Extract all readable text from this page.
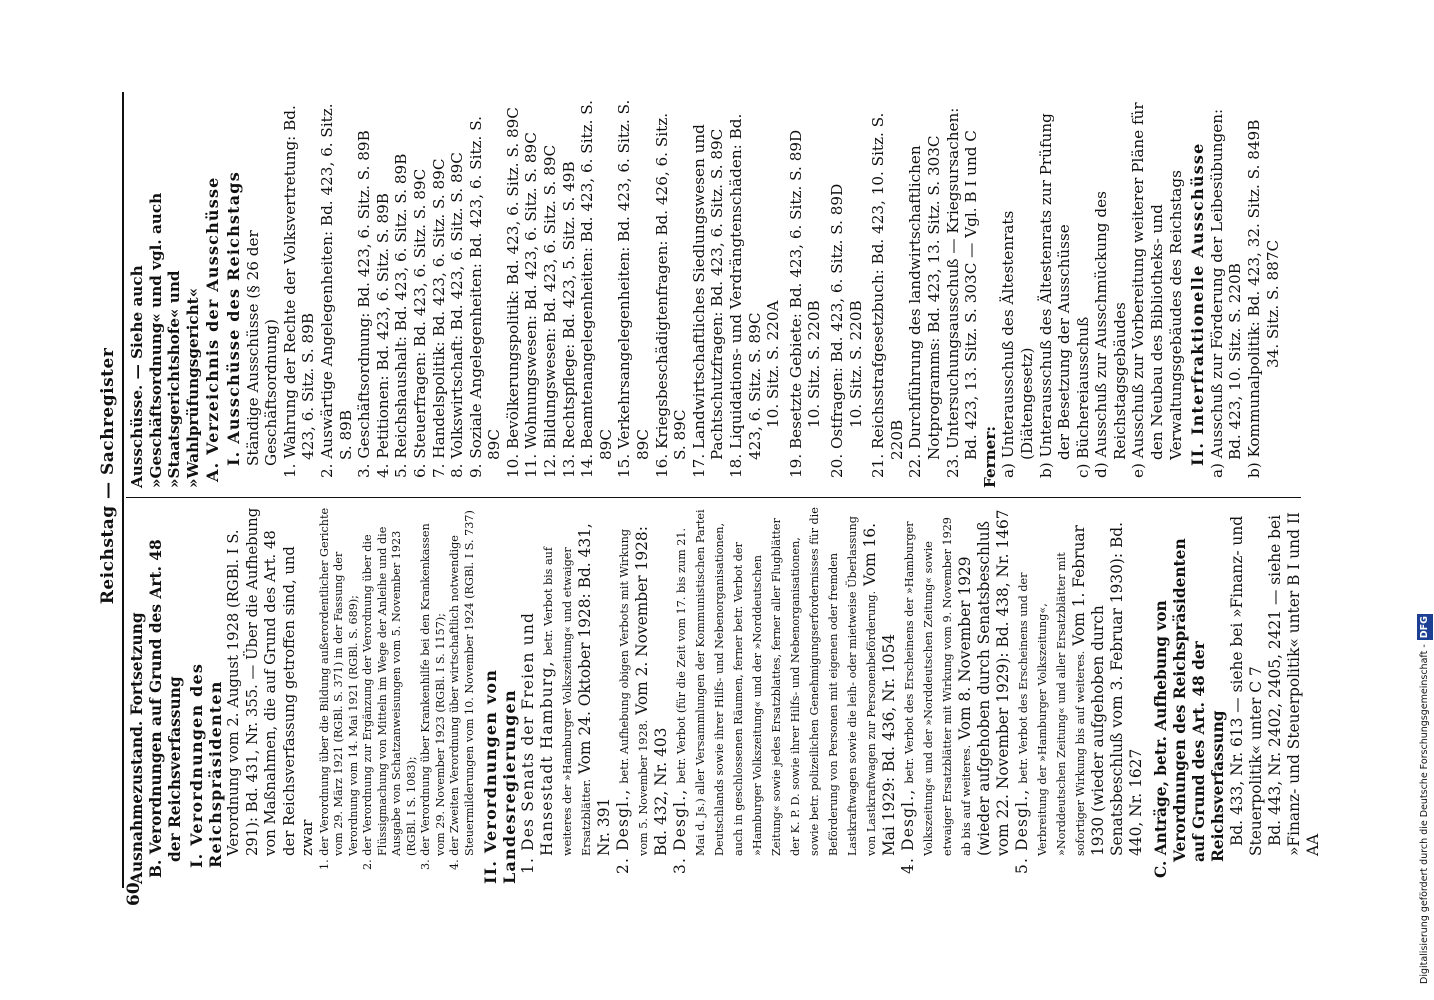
60
Reichstag — Sachregister
Ausnahmezustand. Fortsetzung B. Verordnungen auf Grund des Art. 48 der Reichsverfassung I. Verordnungen des Reichspräsidenten Verordnung vom 2. August 1928 (RGBl. I S. 291): Bd. 431, Nr. 355. — Über die Aufhebung von Maßnahmen, die auf Grund des Art. 48 der Reichsverfassung getroffen sind, und zwar 1. der Verordnung über die Bildung außerordentlicher Gerichte vom 29. März 1921 (RGBl. S. 371) in der Fassung der Verordnung vom 14. Mai 1921 (RGBl. S. 689); 2. der Verordnung zur Ergänzung der Verordnung über die Flüssigmachung von Mitteln im Wege der Anleihe und die Ausgabe von Schatzanweisungen vom 5. November 1923 (RGBl. I S. 1083); 3. der Verordnung über Krankenhilfe bei den Krankenkassen vom 29. November 1923 (RGBl. I S. 1157); 4. der Zweiten Verordnung über wirtschaftlich notwendige Steuermilderungen vom 10. November 1924 (RGBl. I S. 737) II. Verordnungen von Landesregierungen 1. Des Senats der Freien und Hansestadt Hamburg, betr. Verbot bis auf weiteres der »Hamburger Volkszeitung« und etwaiger Ersatzblätter. Vom 24. Oktober 1928: Bd. 431, Nr. 391 2. Desgl., betr. Aufhebung obigen Verbots mit Wirkung vom 5. November 1928. Vom 2. November 1928: Bd. 432, Nr. 403 3. Desgl., betr. Verbot (für die Zeit vom 17. bis zum 21. Mai d. Js.) aller Versammlungen der Kommunistischen Partei Deutschlands sowie ihrer Hilfs- und Nebenorganisationen, auch in geschlossenen Räumen, ferner betr. Verbot der »Hamburger Volkszeitung« und der »Norddeutschen Zeitung« sowie jedes Ersatzblattes, ferner aller Flugblätter der K. P. D. sowie ihrer Hilfs- und Nebenorganisationen, sowie betr. polizeilichen Genehmigungserfordernisses für die Beförderung von Personen mit eigenen oder fremden Lastkraftwagen sowie die leih- oder mietweise Überlassung von Lastkraftwagen zur Personenbeförderung. Vom 16. Mai 1929: Bd. 436, Nr. 1054 4. Desgl., betr. Verbot des Erscheinens der »Hamburger Volkszeitung« und der »Norddeutschen Zeitung« sowie etwaiger Ersatzblätter mit Wirkung vom 9. November 1929 ab bis auf weiteres. Vom 8. November 1929 (wieder aufgehoben durch Senatsbeschluß vom 22. November 1929): Bd. 438, Nr. 1467 5. Desgl., betr. Verbot des Erscheinens und der Verbreitung der »Hamburger Volkszeitung«, »Norddeutschen Zeitung« und aller Ersatzblätter mit sofortiger Wirkung bis auf weiteres. Vom 1. Februar 1930 (wieder aufgehoben durch Senatsbeschluß vom 3. Februar 1930): Bd. 440, Nr. 1627 C. Anträge, betr. Aufhebung von Verordnungen des Reichspräsidenten auf Grund des Art. 48 der Reichsverfassung Bd. 433, Nr. 613 — siehe bei »Finanz- und Steuerpolitik« unter C 7 Bd. 443, Nr. 2402, 2405, 2421 — siehe bei »Finanz- und Steuerpolitik« unter B I und II AA
Ausschüsse. — Siehe auch »Geschäftsordnung« und vgl. auch »Staatsgerichtshofe« und »Wahlprüfungsgericht« A. Verzeichnis der Ausschüsse I. Ausschüsse des Reichstags Ständige Ausschüsse (§ 26 der Geschäftsordnung) 1. Wahrung der Rechte der Volksvertretung: Bd. 423, 6. Sitz. S. 89B 2. Auswärtige Angelegenheiten: Bd. 423, 6. Sitz. S. 89B 3. Geschäftsordnung: Bd. 423, 6. Sitz. S. 89B 4. Petitionen: Bd. 423, 6. Sitz. S. 89B 5. Reichshaushalt: Bd. 423, 6. Sitz. S. 89B 6. Steuerfragen: Bd. 423, 6. Sitz. S. 89C 7. Handelspolitik: Bd. 423, 6. Sitz. S. 89C 8. Volkswirtschaft: Bd. 423, 6. Sitz. S. 89C 9. Soziale Angelegenheiten: Bd. 423, 6. Sitz. S. 89C 10. Bevölkerungspolitik: Bd. 423, 6. Sitz. S. 89C 11. Wohnungswesen: Bd. 423, 6. Sitz. S. 89C 12. Bildungswesen: Bd. 423, 6. Sitz. S. 89C 13. Rechtspflege: Bd. 423, 5. Sitz. S. 49B 14. Beamtenangelegenheiten: Bd. 423, 6. Sitz. S. 89C 15. Verkehrsangelegenheiten: Bd. 423, 6. Sitz. S. 89C 16. Kriegsbeschädigtenfragen: Bd. 426, 6. Sitz. S. 89C 17. Landwirtschaftliches Siedlungswesen und Pachtschutzfragen: Bd. 423, 6. Sitz. S. 89C 18. Liquidations- und Verdrängtenschäden: Bd. 423, 6. Sitz. S. 89C 10. Sitz. S. 220A 19. Besetzte Gebiete: Bd. 423, 6. Sitz. S. 89D 10. Sitz. S. 220B 20. Ostfragen: Bd. 423, 6. Sitz. S. 89D 10. Sitz. S. 220B 21. Reichsstrafgesetzbuch: Bd. 423, 10. Sitz. S. 220B 22. Durchführung des landwirtschaftlichen Notprogramms: Bd. 423, 13. Sitz. S. 303C 23. Untersuchungsausschuß — Kriegsursachen: Bd. 423, 13. Sitz. S. 303C — Vgl. B I und C Ferner: a) Unterausschuß des Ältestenrats (Diätengesetz) b) Unterausschuß des Ältestenrats zur Prüfung der Besetzung der Ausschüsse c) Büchereiausschuß d) Ausschuß zur Ausschmückung des Reichstagsgebäudes e) Ausschuß zur Vorbereitung weiterer Pläne für den Neubau des Bibliotheks- und Verwaltungsgebäudes des Reichstags II. Interfraktionelle Ausschüsse a) Ausschuß zur Förderung der Leibesübungen: Bd. 423, 10. Sitz. S. 220B b) Kommunalpolitik: Bd. 423, 32. Sitz. S. 849B 34. Sitz. S. 887C
Digitalisierung gefördert durch die Deutsche Forschungsgemeinschaft -DFG
